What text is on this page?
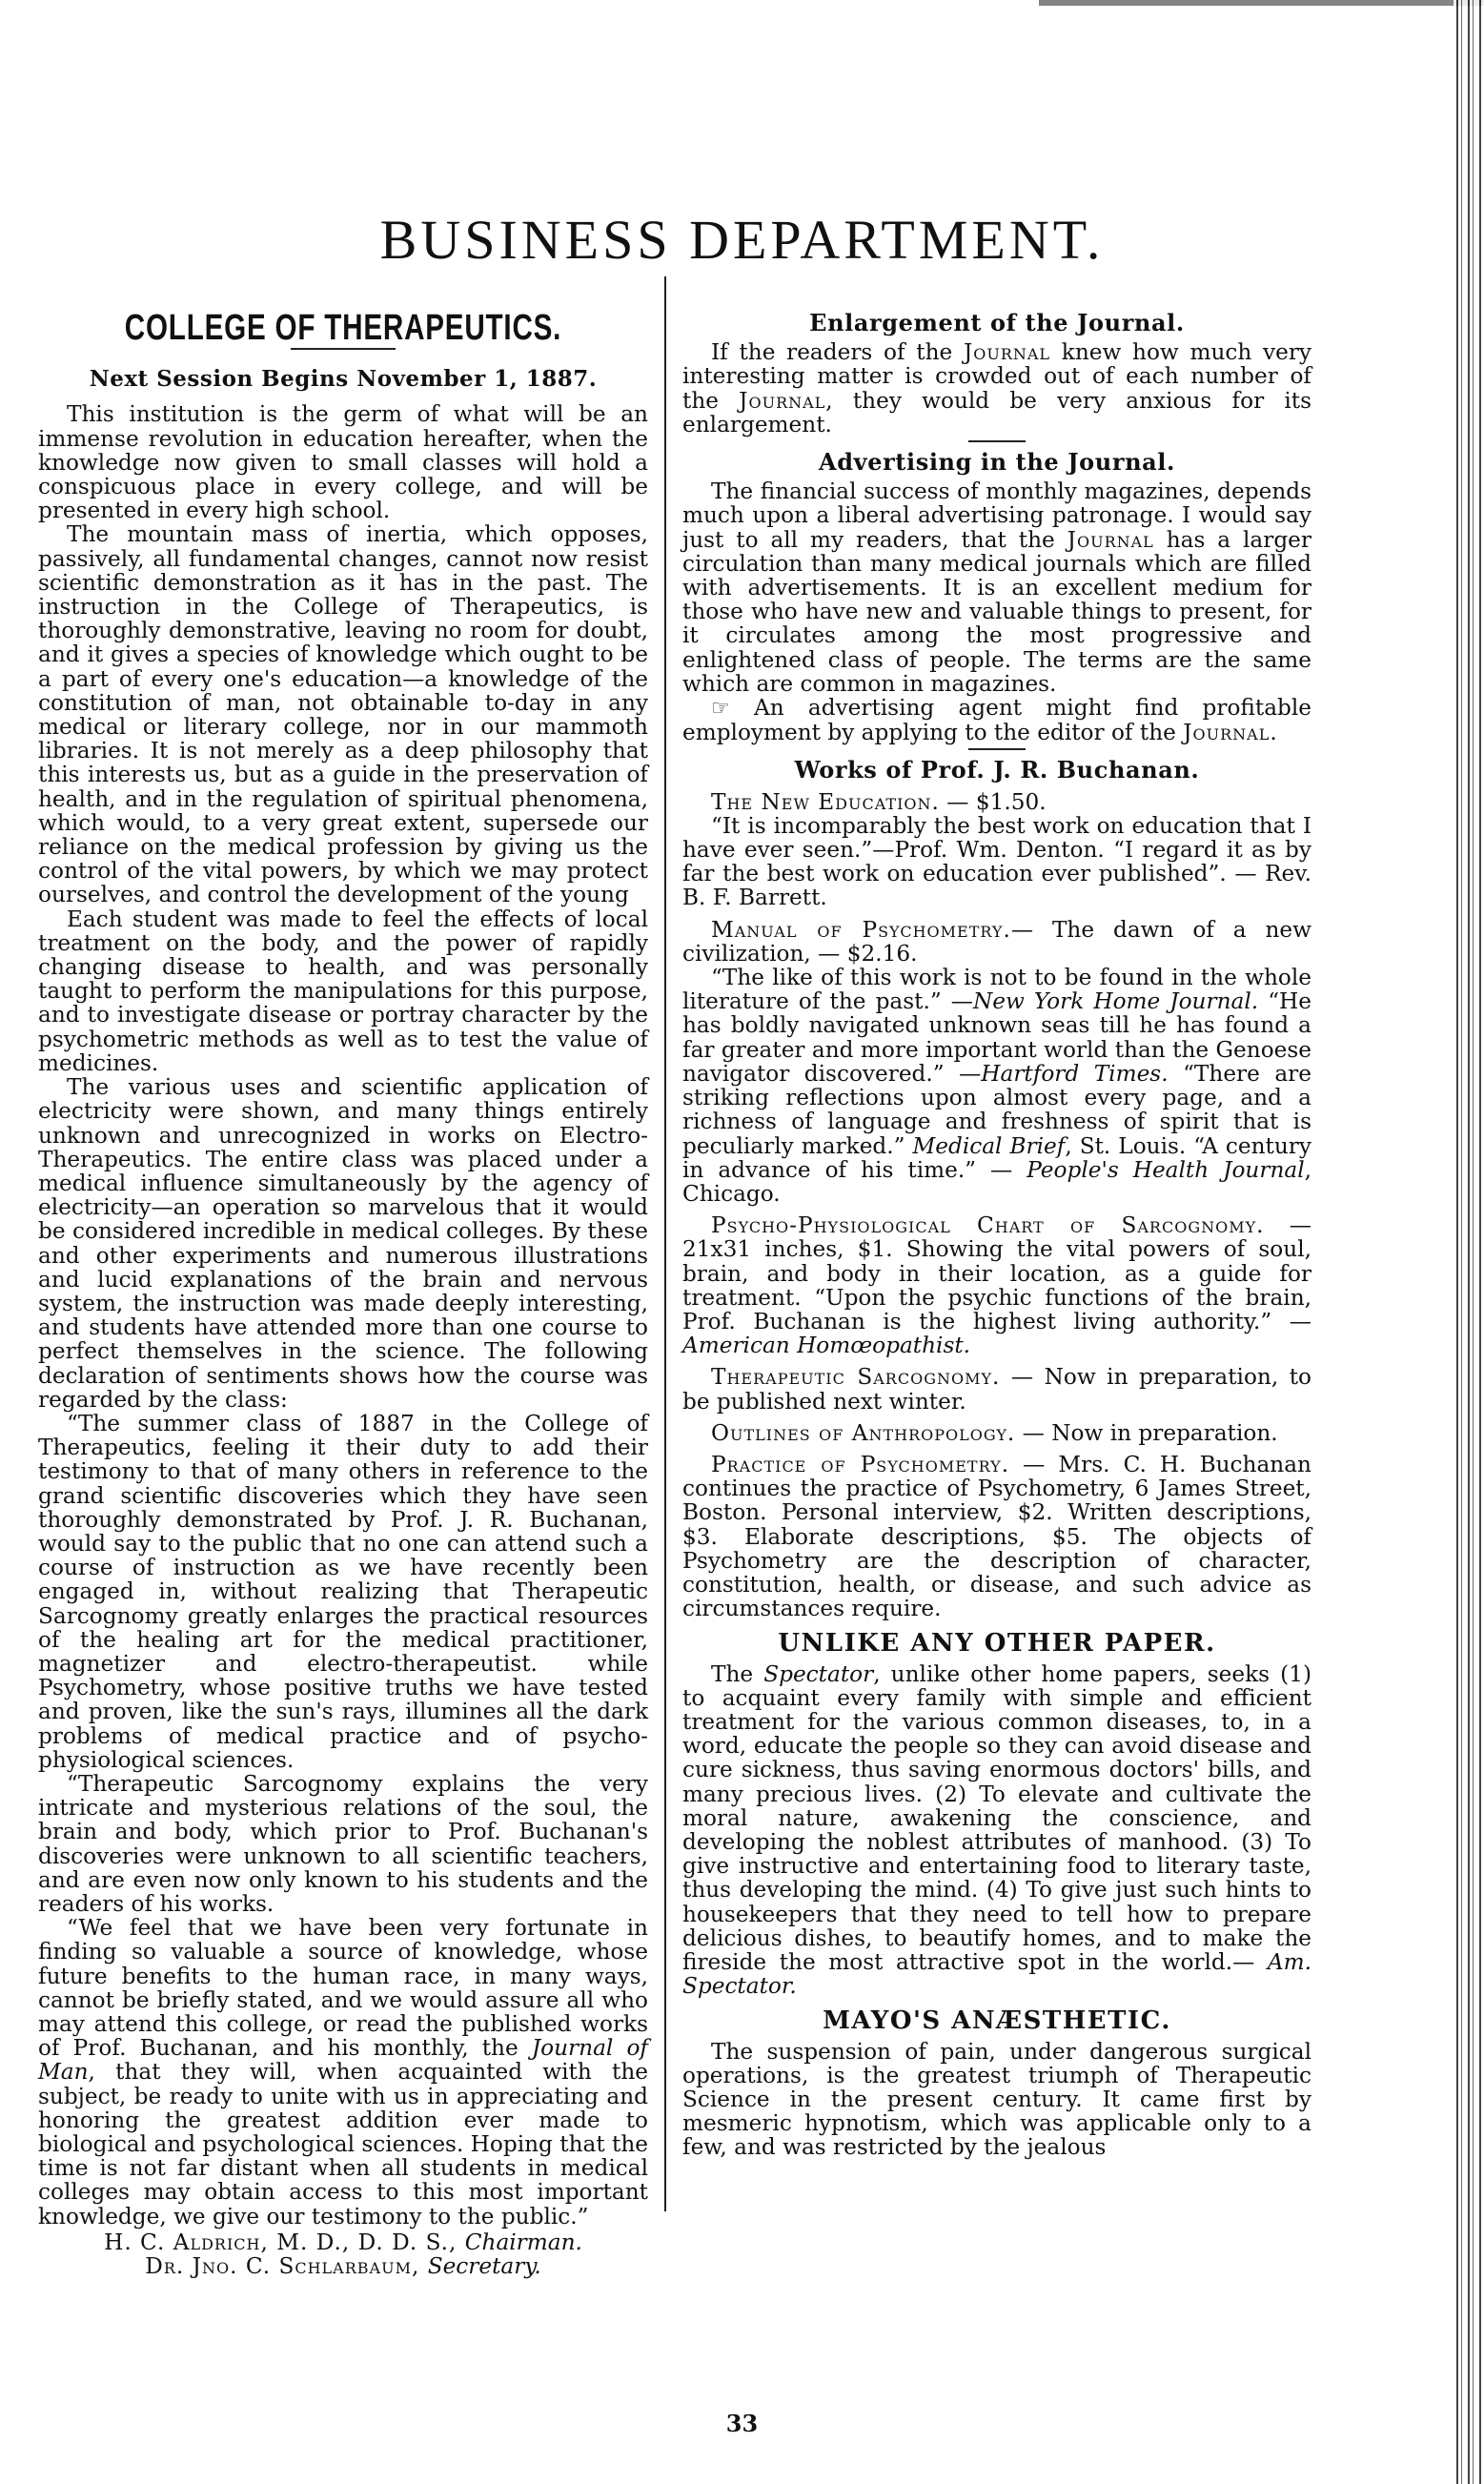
BUSINESS DEPARTMENT.
COLLEGE OF THERAPEUTICS.
Next Session Begins November 1, 1887.

This institution is the germ of what will be an immense revolution in education hereafter, when the knowledge now given to small classes will hold a conspicuous place in every college, and will be presented in every high school.

The mountain mass of inertia, which opposes, passively, all fundamental changes, cannot now resist scientific demonstration as it has in the past. The instruction in the College of Therapeutics, is thoroughly demonstrative, leaving no room for doubt, and it gives a species of knowledge which ought to be a part of every one's education—a knowledge of the constitution of man, not obtainable to-day in any medical or literary college, nor in our mammoth libraries. It is not merely as a deep philosophy that this interests us, but as a guide in the preservation of health, and in the regulation of spiritual phenomena, which would, to a very great extent, supersede our reliance on the medical profession by giving us the control of the vital powers, by which we may protect ourselves, and control the development of the young

Each student was made to feel the effects of local treatment on the body, and the power of rapidly changing disease to health, and was personally taught to perform the manipulations for this purpose, and to investigate disease or portray character by the psychometric methods as well as to test the value of medicines.

The various uses and scientific application of electricity were shown, and many things entirely unknown and unrecognized in works on Electro-Therapeutics. The entire class was placed under a medical influence simultaneously by the agency of electricity—an operation so marvelous that it would be considered incredible in medical colleges. By these and other experiments and numerous illustrations and lucid explanations of the brain and nervous system, the instruction was made deeply interesting, and students have attended more than one course to perfect themselves in the science. The following declaration of sentiments shows how the course was regarded by the class:

“The summer class of 1887 in the College of Therapeutics, feeling it their duty to add their testimony to that of many others in reference to the grand scientific discoveries which they have seen thoroughly demonstrated by Prof. J. R. Buchanan, would say to the public that no one can attend such a course of instruction as we have recently been engaged in, without realizing that Therapeutic Sarcognomy greatly enlarges the practical resources of the healing art for the medical practitioner, magnetizer and electro-therapeutist. while Psychometry, whose positive truths we have tested and proven, like the sun's rays, illumines all the dark problems of medical practice and of psycho-physiological sciences.

“Therapeutic Sarcognomy explains the very intricate and mysterious relations of the soul, the brain and body, which prior to Prof. Buchanan's discoveries were unknown to all scientific teachers, and are even now only known to his students and the readers of his works.

“We feel that we have been very fortunate in finding so valuable a source of knowledge, whose future benefits to the human race, in many ways, cannot be briefly stated, and we would assure all who may attend this college, or read the published works of Prof. Buchanan, and his monthly, the Journal of Man, that they will, when acquainted with the subject, be ready to unite with us in appreciating and honoring the greatest addition ever made to biological and psychological sciences. Hoping that the time is not far distant when all students in medical colleges may obtain access to this most important knowledge, we give our testimony to the public.”

H. C. Aldrich, M. D., D. D. S., Chairman.
Dr. Jno. C. Schlarbaum, Secretary.
Enlargement of the Journal.

If the readers of the Journal knew how much very interesting matter is crowded out of each number of the Journal, they would be very anxious for its enlargement.

Advertising in the Journal.

The financial success of monthly magazines, depends much upon a liberal advertising patronage. I would say just to all my readers, that the Journal has a larger circulation than many medical journals which are filled with advertisements. It is an excellent medium for those who have new and valuable things to present, for it circulates among the most progressive and enlightened class of people. The terms are the same which are common in magazines.

☞ An advertising agent might find profitable employment by applying to the editor of the Journal.

Works of Prof. J. R. Buchanan.

The New Education. — $1.50.

“It is incomparably the best work on education that I have ever seen.”—Prof. Wm. Denton. “I regard it as by far the best work on education ever published”. — Rev. B. F. Barrett.

Manual of Psychometry.— The dawn of a new civilization, — $2.16.

“The like of this work is not to be found in the whole literature of the past.” —New York Home Journal. “He has boldly navigated unknown seas till he has found a far greater and more important world than the Genoese navigator discovered.” —Hartford Times. “There are striking reflections upon almost every page, and a richness of language and freshness of spirit that is peculiarly marked.” Medical Brief, St. Louis. “A century in advance of his time.” — People's Health Journal, Chicago.

Psycho-Physiological Chart of Sarcognomy. — 21x31 inches, $1. Showing the vital powers of soul, brain, and body in their location, as a guide for treatment. “Upon the psychic functions of the brain, Prof. Buchanan is the highest living authority.” — American Homœopathist.

Therapeutic Sarcognomy. — Now in preparation, to be published next winter.

Outlines of Anthropology. — Now in preparation.

Practice of Psychometry. — Mrs. C. H. Buchanan continues the practice of Psychometry, 6 James Street, Boston. Personal interview, $2. Written descriptions, $3. Elaborate descriptions, $5. The objects of Psychometry are the description of character, constitution, health, or disease, and such advice as circumstances require.

UNLIKE ANY OTHER PAPER.

The Spectator, unlike other home papers, seeks (1) to acquaint every family with simple and efficient treatment for the various common diseases, to, in a word, educate the people so they can avoid disease and cure sickness, thus saving enormous doctors' bills, and many precious lives. (2) To elevate and cultivate the moral nature, awakening the conscience, and developing the noblest attributes of manhood. (3) To give instructive and entertaining food to literary taste, thus developing the mind. (4) To give just such hints to housekeepers that they need to tell how to prepare delicious dishes, to beautify homes, and to make the fireside the most attractive spot in the world.— Am. Spectator.

MAYO'S ANÆSTHETIC.

The suspension of pain, under dangerous surgical operations, is the greatest triumph of Therapeutic Science in the present century. It came first by mesmeric hypnotism, which was applicable only to a few, and was restricted by the jealous

33
